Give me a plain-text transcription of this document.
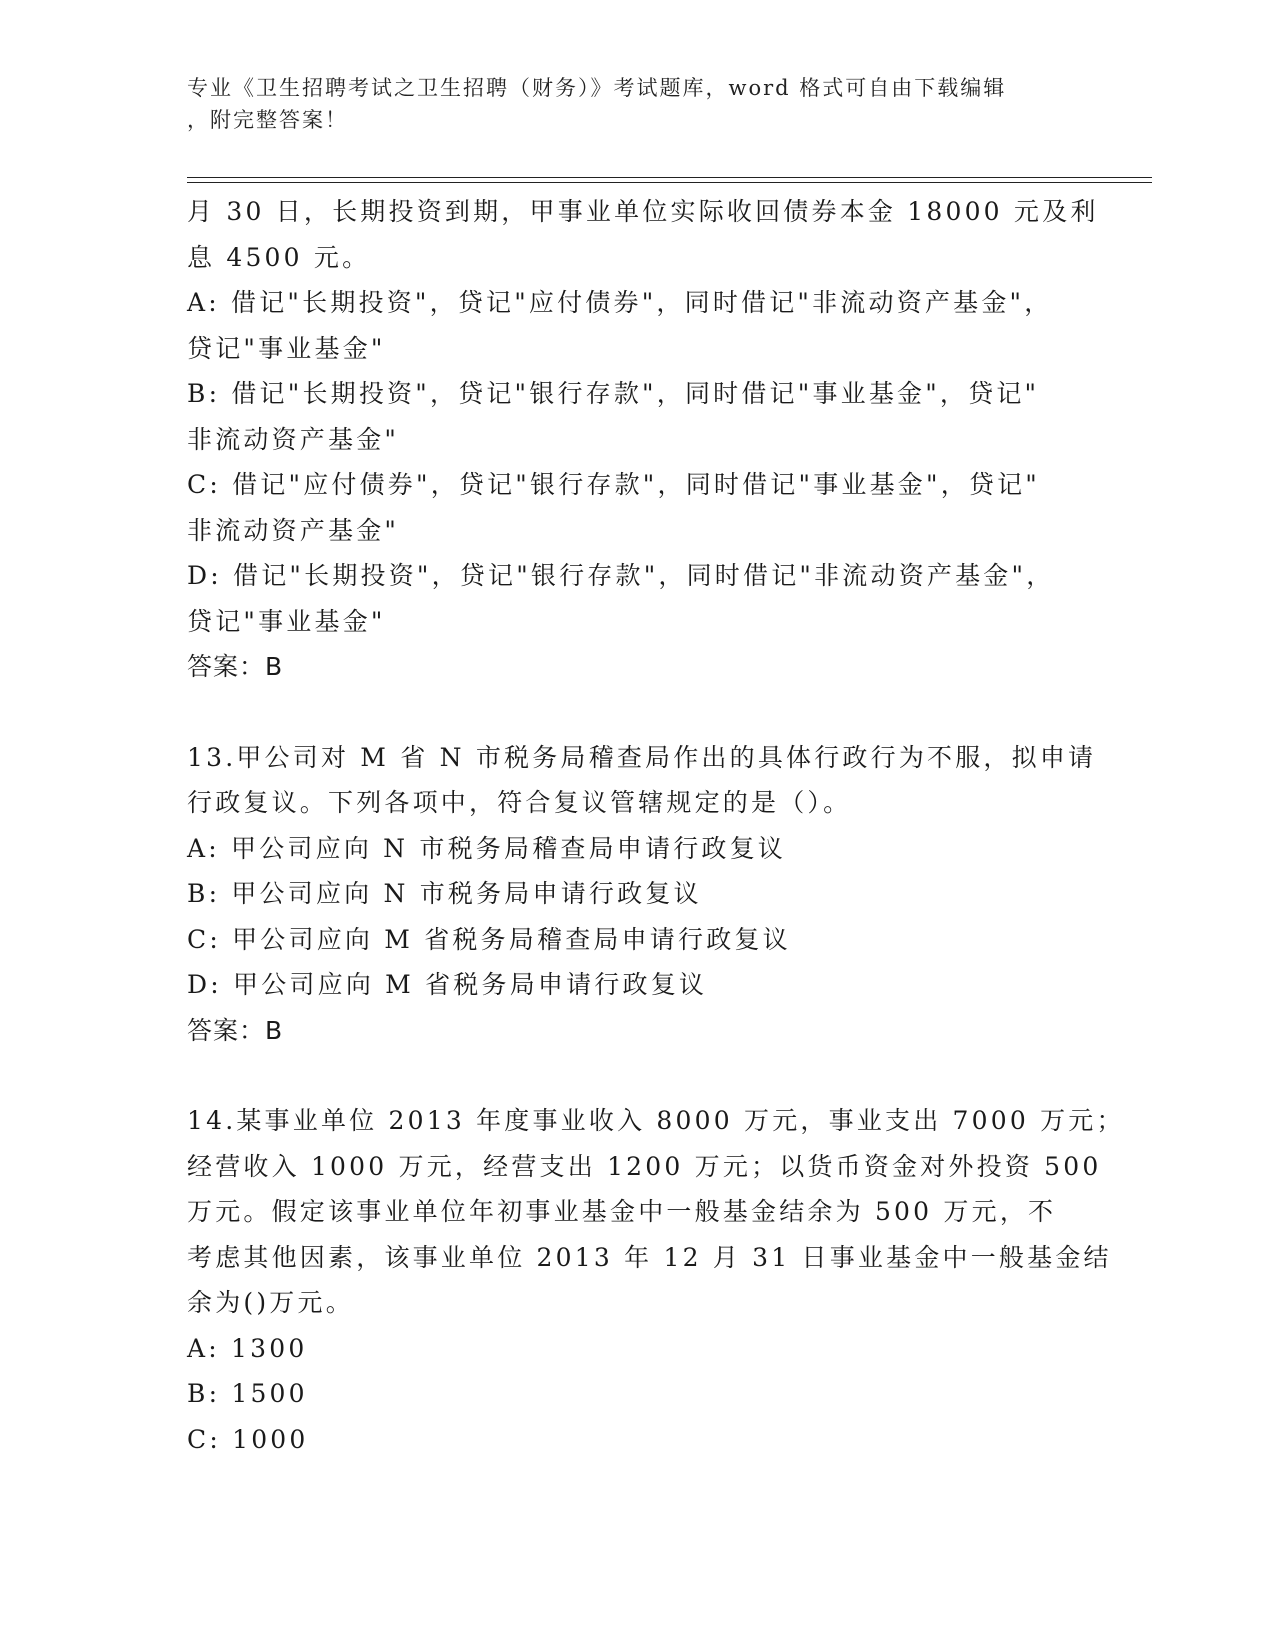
专业《卫生招聘考试之卫生招聘（财务）》考试题库，word 格式可自由下载编辑
，附完整答案！
月 30 日，长期投资到期，甲事业单位实际收回债券本金 18000 元及利
息 4500 元。
A: 借记"长期投资"，贷记"应付债券"，同时借记"非流动资产基金"，
贷记"事业基金"
B: 借记"长期投资"，贷记"银行存款"，同时借记"事业基金"，贷记"
非流动资产基金"
C: 借记"应付债券"，贷记"银行存款"，同时借记"事业基金"，贷记"
非流动资产基金"
D: 借记"长期投资"，贷记"银行存款"，同时借记"非流动资产基金"，
贷记"事业基金"
答案：B
13.甲公司对 M 省 N 市税务局稽查局作出的具体行政行为不服，拟申请
行政复议。下列各项中，符合复议管辖规定的是（）。
A: 甲公司应向 N 市税务局稽查局申请行政复议
B: 甲公司应向 N 市税务局申请行政复议
C: 甲公司应向 M 省税务局稽查局申请行政复议
D: 甲公司应向 M 省税务局申请行政复议
答案：B
14.某事业单位 2013 年度事业收入 8000 万元，事业支出 7000 万元；
经营收入 1000 万元，经营支出 1200 万元；以货币资金对外投资 500
万元。假定该事业单位年初事业基金中一般基金结余为 500 万元，不
考虑其他因素，该事业单位 2013 年 12 月 31 日事业基金中一般基金结
余为()万元。
A: 1300
B: 1500
C: 1000
